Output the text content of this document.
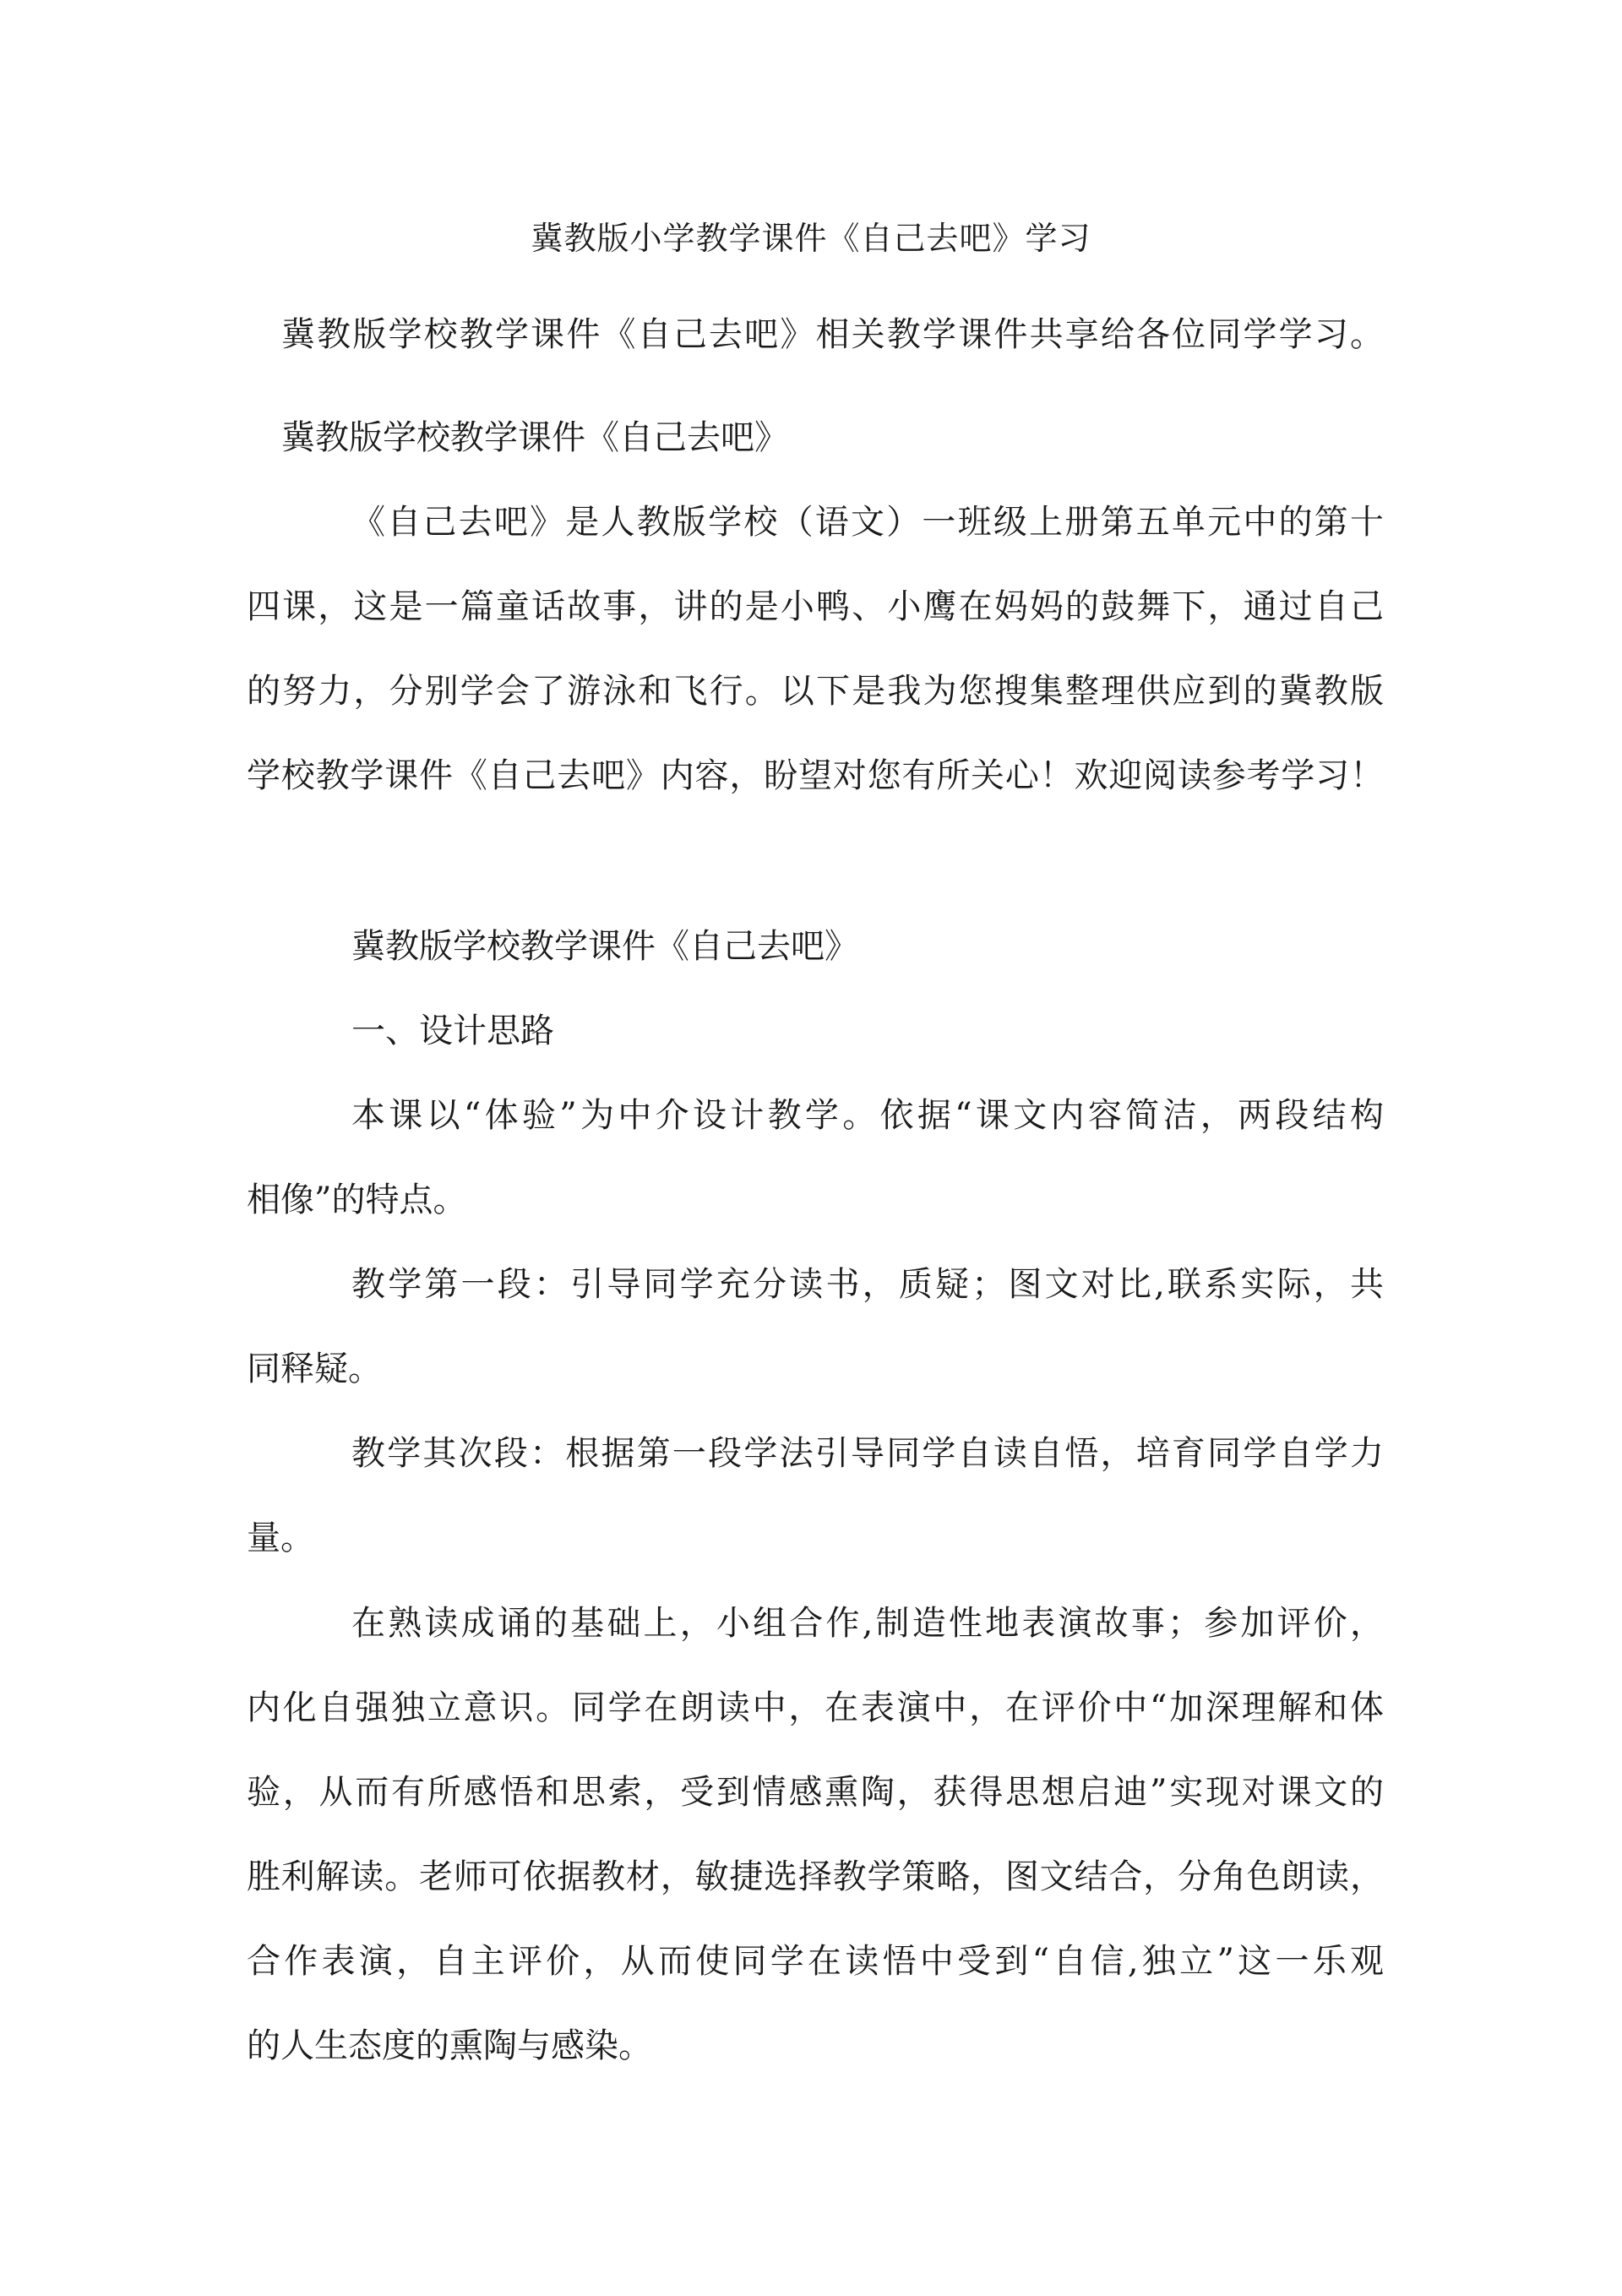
冀教版小学教学课件《自己去吧》学习
冀教版学校教学课件《自己去吧》相关教学课件共享给各位同学学习。
冀教版学校教学课件《自己去吧》
《自己去吧》是人教版学校（语文）一班级上册第五单元中的第十
四课，这是一篇童话故事，讲的是小鸭、小鹰在妈妈的鼓舞下，通过自己
的努力，分别学会了游泳和飞行。以下是我为您搜集整理供应到的冀教版
学校教学课件《自己去吧》内容，盼望对您有所关心！欢迎阅读参考学习！
冀教版学校教学课件《自己去吧》
一、设计思路
本课以“体验”为中介设计教学。依据“课文内容简洁，两段结构
相像”的特点。
教学第一段：引导同学充分读书，质疑；图文对比,联系实际，共
同释疑。
教学其次段：根据第一段学法引导同学自读自悟，培育同学自学力
量。
在熟读成诵的基础上，小组合作,制造性地表演故事；参加评价，
内化自强独立意识。同学在朗读中，在表演中，在评价中“加深理解和体
验，从而有所感悟和思索，受到情感熏陶，获得思想启迪”实现对课文的
胜利解读。老师可依据教材，敏捷选择教学策略，图文结合，分角色朗读，
合作表演，自主评价，从而使同学在读悟中受到“自信,独立”这一乐观
的人生态度的熏陶与感染。
